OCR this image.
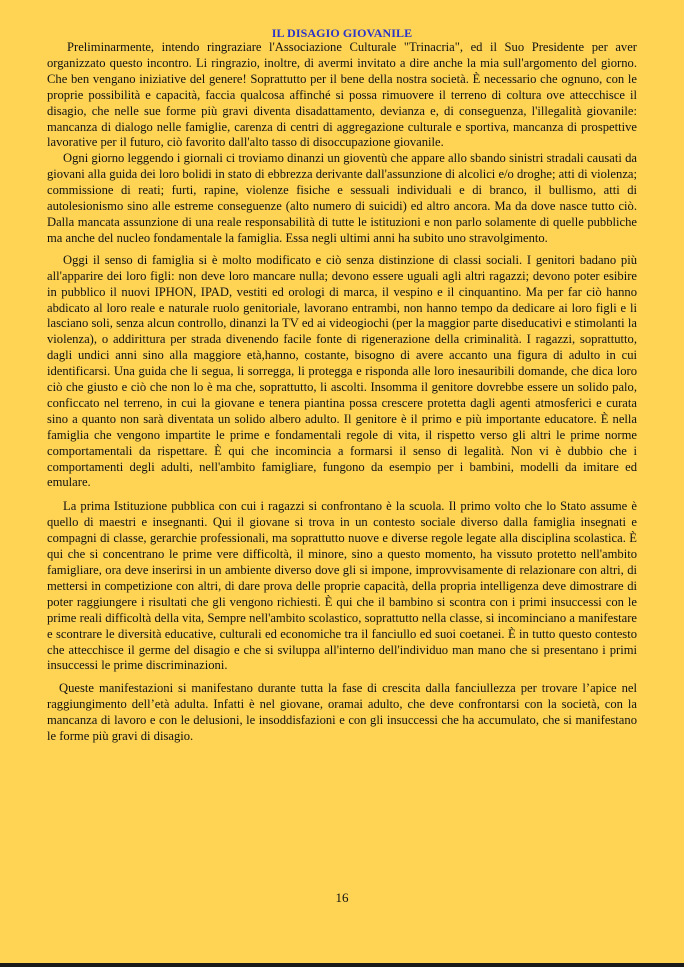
IL DISAGIO GIOVANILE

Preliminarmente, intendo ringraziare l'Associazione Culturale "Trinacria", ed il Suo Presidente per aver organizzato questo incontro. Li ringrazio, inoltre, di avermi invitato a dire anche la mia sull'argomento del giorno. Che ben vengano iniziative del genere! Soprattutto per il bene della nostra società. È necessario che ognuno, con le proprie possibilità e capacità, faccia qualcosa affinché si possa rimuovere il terreno di coltura ove attecchisce il disagio, che nelle sue forme più gravi diventa disadattamento, devianza e, di conseguenza, l'illegalità giovanile: mancanza di dialogo nelle famiglie, carenza di centri di aggregazione culturale e sportiva, mancanza di prospettive lavorative per il futuro, ciò favorito dall'alto tasso di disoccupazione giovanile.

Ogni giorno leggendo i giornali ci troviamo dinanzi un gioventù che appare allo sbando sinistri stradali causati da giovani alla guida dei loro bolidi in stato di ebbrezza derivante dall'assunzione di alcolici e/o droghe; atti di violenza; commissione di reati; furti, rapine, violenze fisiche e sessuali individuali e di branco, il bullismo, atti di autolesionismo sino alle estreme conseguenze (alto numero di suicidi) ed altro ancora. Ma da dove nasce tutto ciò. Dalla mancata assunzione di una reale responsabilità di tutte le istituzioni e non parlo solamente di quelle pubbliche ma anche del nucleo fondamentale la famiglia. Essa negli ultimi anni ha subito uno stravolgimento.

Oggi il senso di famiglia si è molto modificato e ciò senza distinzione di classi sociali. I genitori badano più all'apparire dei loro figli: non deve loro mancare nulla; devono essere uguali agli altri ragazzi; devono poter esibire in pubblico il nuovi IPHON, IPAD, vestiti ed orologi di marca, il vespino e il cinquantino. Ma per far ciò hanno abdicato al loro reale e naturale ruolo genitoriale, lavorano entrambi, non hanno tempo da dedicare ai loro figli e li lasciano soli, senza alcun controllo, dinanzi la TV ed ai videogiochi (per la maggior parte diseducativi e stimolanti la violenza), o addirittura per strada divenendo facile fonte di rigenerazione della criminalità. I ragazzi, soprattutto, dagli undici anni sino alla maggiore età,hanno, costante, bisogno di avere accanto una figura di adulto in cui identificarsi. Una guida che li segua, li sorregga, li protegga e risponda alle loro inesauribili domande, che dica loro ciò che giusto e ciò che non lo è ma che, soprattutto, li ascolti. Insomma il genitore dovrebbe essere un solido palo, conficcato nel terreno, in cui la giovane e tenera piantina possa crescere protetta dagli agenti atmosferici e curata sino a quanto non sarà diventata un solido albero adulto. Il genitore è il primo e più importante educatore. È nella famiglia che vengono impartite le prime e fondamentali regole di vita, il rispetto verso gli altri le prime norme comportamentali da rispettare. È qui che incomincia a formarsi il senso di legalità. Non vi è dubbio che i comportamenti degli adulti, nell'ambito famigliare, fungono da esempio per i bambini, modelli da imitare ed emulare.

La prima Istituzione pubblica con cui i ragazzi si confrontano è la scuola. Il primo volto che lo Stato assume è quello di maestri e insegnanti. Qui il giovane si trova in un contesto sociale diverso dalla famiglia insegnati e compagni di classe, gerarchie professionali, ma soprattutto nuove e diverse regole legate alla disciplina scolastica. È qui che si concentrano le prime vere difficoltà, il minore, sino a questo momento, ha vissuto protetto nell'ambito famigliare, ora deve inserirsi in un ambiente diverso dove gli si impone, improvvisamente di relazionare con altri, di mettersi in competizione con altri, di dare prova delle proprie capacità, della propria intelligenza deve dimostrare di poter raggiungere i risultati che gli vengono richiesti. È qui che il bambino si scontra con i primi insuccessi con le prime reali difficoltà della vita, Sempre nell'ambito scolastico, soprattutto nella classe, si incominciano a manifestare e scontrare le diversità educative, culturali ed economiche tra il fanciullo ed suoi coetanei. È in tutto questo contesto che attecchisce il germe del disagio e che si sviluppa all'interno dell'individuo man mano che si presentano i primi insuccessi le prime discriminazioni.

Queste manifestazioni si manifestano durante tutta la fase di crescita dalla fanciullezza per trovare l’apice nel raggiungimento dell’età adulta. Infatti è nel giovane, oramai adulto, che deve confrontarsi con la società, con la mancanza di lavoro e con le delusioni, le insoddisfazioni e con gli insuccessi che ha accumulato, che si manifestano le forme più gravi di disagio.

16
